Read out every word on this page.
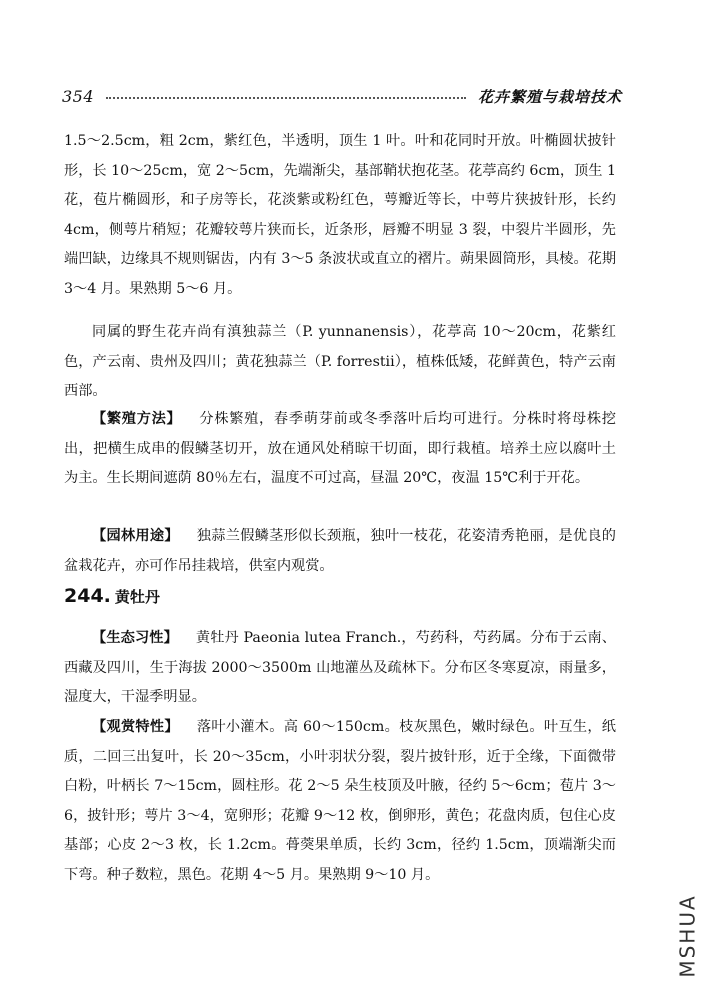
354	花卉繁殖与栽培技术

1.5～2.5cm，粗 2cm，紫红色，半透明，顶生 1 叶。叶和花同时开放。叶椭圆状披针形，长 10～25cm，宽 2～5cm，先端渐尖，基部鞘状抱花茎。花葶高约 6cm，顶生 1 花，苞片椭圆形，和子房等长，花淡紫或粉红色，萼瓣近等长，中萼片狭披针形，长约 4cm，侧萼片稍短；花瓣较萼片狭而长，近条形，唇瓣不明显 3 裂，中裂片半圆形，先端凹缺，边缘具不规则锯齿，内有 3～5 条波状或直立的褶片。蒴果圆筒形，具棱。花期 3～4 月。果熟期 5～6 月。

同属的野生花卉尚有滇独蒜兰（P. yunnanensis），花葶高 10～20cm，花紫红色，产云南、贵州及四川；黄花独蒜兰（P. forrestii），植株低矮，花鲜黄色，特产云南西部。

【繁殖方法】 分株繁殖，春季萌芽前或冬季落叶后均可进行。分株时将母株挖出，把横生成串的假鳞茎切开，放在通风处稍晾干切面，即行栽植。培养土应以腐叶土为主。生长期间遮荫 80％左右，温度不可过高，昼温 20℃，夜温 15℃利于开花。

【园林用途】 独蒜兰假鳞茎形似长颈瓶，独叶一枝花，花姿清秀艳丽，是优良的盆栽花卉，亦可作吊挂栽培，供室内观赏。

244. 黄牡丹

【生态习性】 黄牡丹 Paeonia lutea Franch.，芍药科，芍药属。分布于云南、西藏及四川，生于海拔 2000～3500m 山地灌丛及疏林下。分布区冬寒夏凉，雨量多，湿度大，干湿季明显。

【观赏特性】 落叶小灌木。高 60～150cm。枝灰黑色，嫩时绿色。叶互生，纸质，二回三出复叶，长 20～35cm，小叶羽状分裂，裂片披针形，近于全缘，下面微带白粉，叶柄长 7～15cm，圆柱形。花 2～5 朵生枝顶及叶腋，径约 5～6cm；苞片 3～6，披针形；萼片 3～4，宽卵形；花瓣 9～12 枚，倒卵形，黄色；花盘肉质，包住心皮基部；心皮 2～3 枚，长 1.2cm。蓇葖果单质，长约 3cm，径约 1.5cm，顶端渐尖而下弯。种子数粒，黑色。花期 4～5 月。果熟期 9～10 月。

MSHUA
